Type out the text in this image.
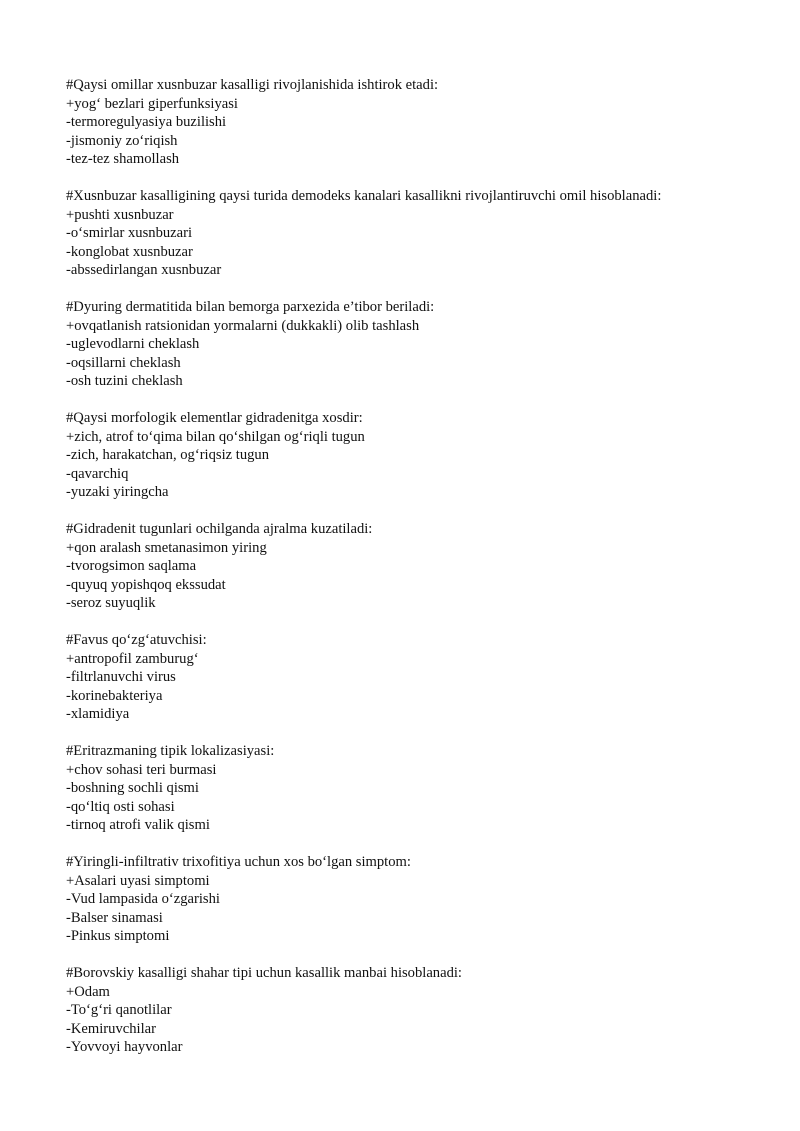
#Qaysi omillar xusnbuzar kasalligi rivojlanishida ishtirok etadi:
+yog‘ bezlari giperfunksiyasi
-termoregulyasiya buzilishi
-jismoniy zo‘riqish
-tez-tez shamollash
#Xusnbuzar kasalligining qaysi turida demodeks kanalari kasallikni rivojlantiruvchi omil hisoblanadi:
+pushti xusnbuzar
-o‘smirlar xusnbuzari
-konglobat xusnbuzar
-abssedirlangan xusnbuzar
#Dyuring dermatitida bilan bemorga parxezida e’tibor beriladi:
+ovqatlanish ratsionidan yormalarni (dukkakli) olib tashlash
-uglevodlarni cheklash
-oqsillarni cheklash
-osh tuzini cheklash
#Qaysi morfologik elementlar gidradenitga xosdir:
+zich, atrof to‘qima bilan qo‘shilgan og‘riqli tugun
-zich, harakatchan, og‘riqsiz tugun
-qavarchiq
-yuzaki yiringcha
#Gidradenit tugunlari ochilganda ajralma kuzatiladi:
+qon aralash smetanasimon yiring
-tvorogsimon saqlama
-quyuq yopishqoq ekssudat
-seroz suyuqlik
#Favus qo‘zg‘atuvchisi:
+antropofil zamburug‘
-filtrlanuvchi virus
-korinebakteriya
-xlamidiya
#Eritrazmaning tipik lokalizasiyasi:
+chov sohasi teri burmasi
-boshning sochli qismi
-qo‘ltiq osti sohasi
-tirnoq atrofi valik qismi
#Yiringli-infiltrativ trixofitiya uchun xos bo‘lgan simptom:
+Asalari uyasi simptomi
-Vud lampasida o‘zgarishi
-Balser sinamasi
-Pinkus simptomi
#Borovskiy kasalligi shahar tipi uchun kasallik manbai hisoblanadi:
+Odam
-To‘g‘ri qanotlilar
-Kemiruvchilar
-Yovvoyi hayvonlar
